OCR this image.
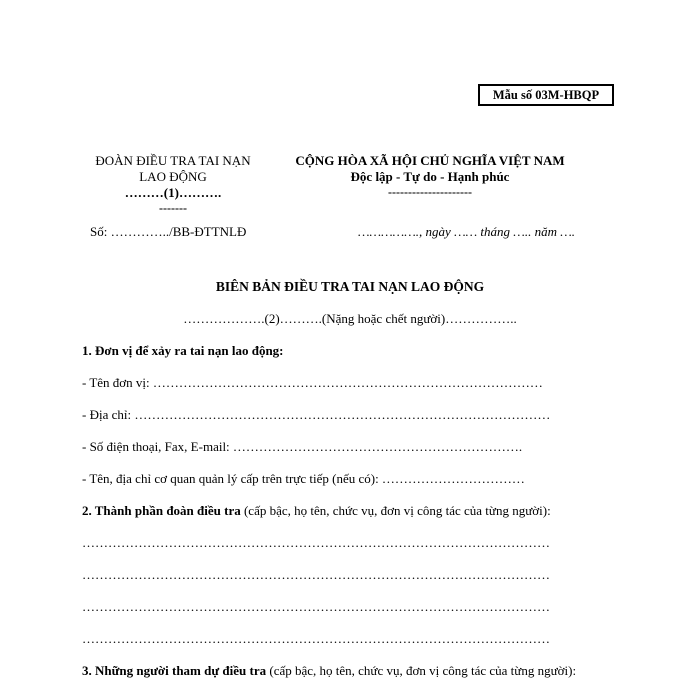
Mẫu số 03M-HBQP
ĐOÀN ĐIỀU TRA TAI NẠN
LAO ĐỘNG
………(1)……….
-------
CỘNG HÒA XÃ HỘI CHỦ NGHĨA VIỆT NAM
Độc lập - Tự do - Hạnh phúc
---------------------
Số: …………../BB-ĐTTNLĐ	……………., ngày …… tháng ….. năm ….
BIÊN BẢN ĐIỀU TRA TAI NẠN LAO ĐỘNG
……………….(2)……….(Nặng hoặc chết người)……………..
1. Đơn vị để xảy ra tai nạn lao động:
- Tên đơn vị: ………………………………………………………………………………
- Địa chỉ: ……………………………………………………………………………………
- Số điện thoại, Fax, E-mail: ………………………………………………………….
- Tên, địa chỉ cơ quan quản lý cấp trên trực tiếp (nếu có): ……………………………
2. Thành phần đoàn điều tra (cấp bậc, họ tên, chức vụ, đơn vị công tác của từng người):
………………………………………………………………………………………………
………………………………………………………………………………………………
………………………………………………………………………………………………
………………………………………………………………………………………………
3. Những người tham dự điều tra (cấp bậc, họ tên, chức vụ, đơn vị công tác của từng người):
